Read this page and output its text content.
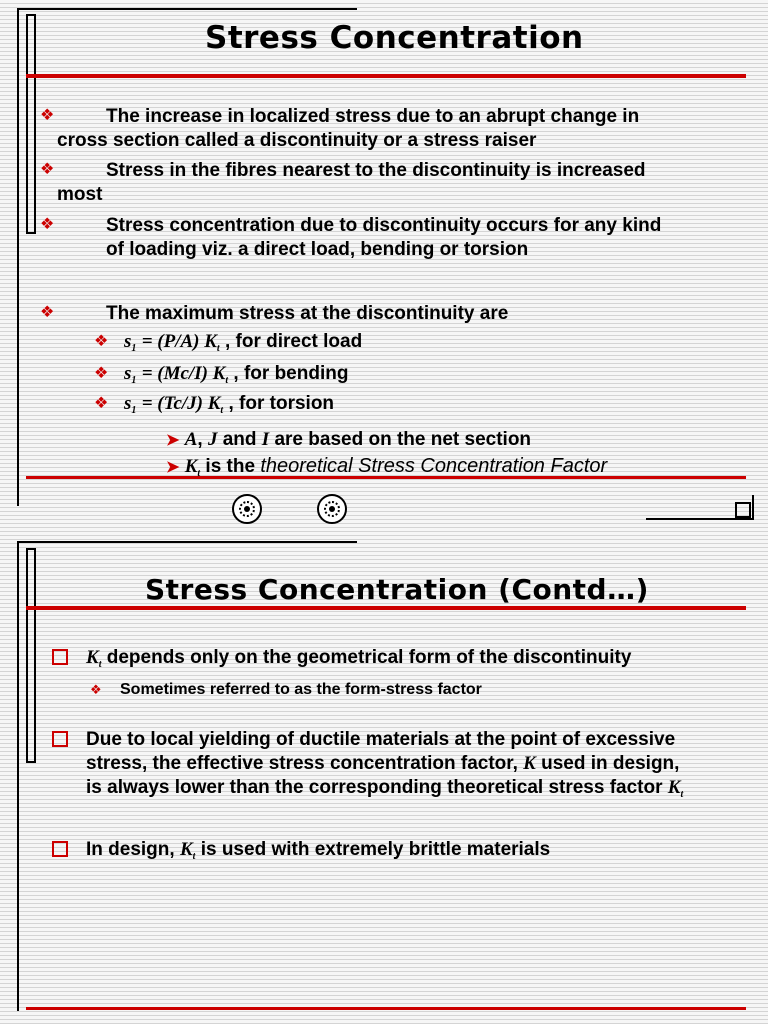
Stress Concentration
❖	The increase in localized stress due to an abrupt change in
cross section called a discontinuity or a stress raiser
❖	Stress in the fibres nearest to the discontinuity is increased
most
❖	Stress concentration due to discontinuity occurs for any kind
of loading viz. a direct load, bending or torsion
❖	The maximum stress at the discontinuity are
❖ $s_1 = (P/A)$ $K_t$ , for direct load
❖ $s_1 = (Mc/I)$ $K_t$ , for bending
❖ $s_1 = (Tc/J)$ $K_t$ , for torsion
➤ A, J and I are based on the net section
➤ $K_t$ is the theoretical Stress Concentration Factor
Stress Concentration (Contd…)
$K_t$ depends only on the geometrical form of the discontinuity
❖ Sometimes referred to as the form-stress factor
Due to local yielding of ductile materials at the point of excessive
stress, the effective stress concentration factor, K used in design,
is always lower than the corresponding theoretical stress factor $K_t$
In design, $K_t$ is used with extremely brittle materials
